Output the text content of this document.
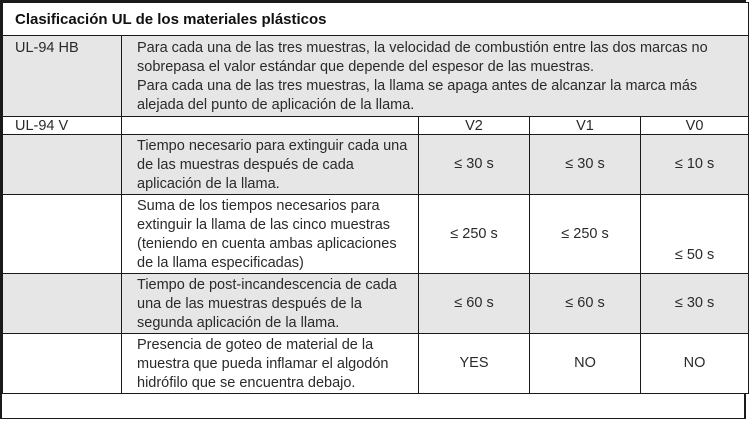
Clasificación UL de los materiales plásticos				
UL-94 HB	Para cada una de las tres muestras, la velocidad de combustión entre las dos marcas no sobrepasa el valor estándar que depende del espesor de las muestras.

Para cada una de las tres muestras, la llama se apaga antes de alcanzar la marca más alejada del punto de aplicación de la llama.			

UL-94 V		V2	V1	V0
	Tiempo necesario para extinguir cada una de las muestras después de cada aplicación de la llama.	≤ 30 s	≤ 30 s	≤ 10 s
	Suma de los tiempos necesarios para extinguir la llama de las cinco muestras (teniendo en cuenta ambas aplicaciones de la llama especificadas)	≤ 250 s	≤ 250 s	≤ 50 s
	Tiempo de post-incandescencia de cada una de las muestras después de la segunda aplicación de la llama.	≤ 60 s	≤ 60 s	≤ 30 s
	Presencia de goteo de material de la muestra que pueda inflamar el algodón hidrófilo que se encuentra debajo.	YES	NO	NO
